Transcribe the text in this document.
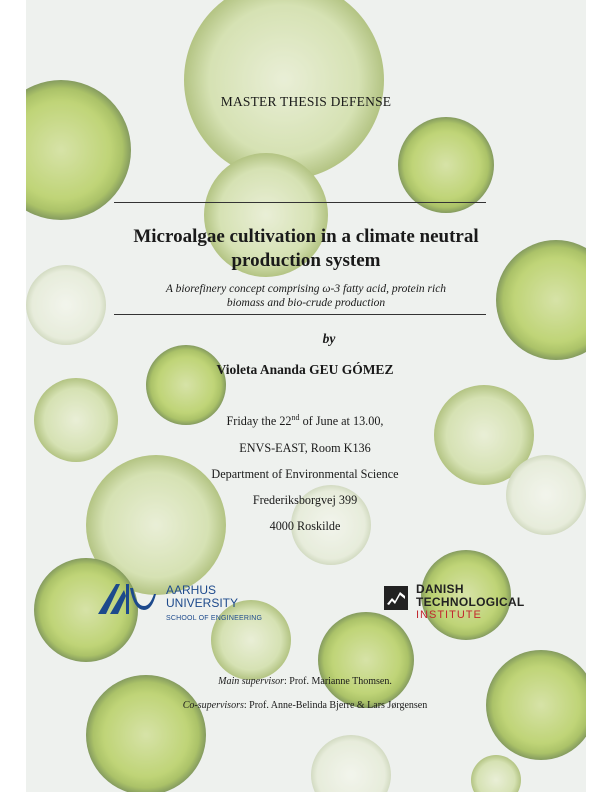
MASTER THESIS DEFENSE
Microalgae cultivation in a climate neutral
production system
A biorefinery concept comprising ω-3 fatty acid, protein rich
biomass and bio-crude production
by
Violeta Ananda GEU GÓMEZ
Friday the 22nd of June at 13.00,
ENVS-EAST, Room K136
Department of Environmental Science
Frederiksborgvej 399
4000 Roskilde
AARHUS
UNIVERSITY
SCHOOL OF ENGINEERING
DANISH
TECHNOLOGICAL
INSTITUTE
Main supervisor: Prof. Marianne Thomsen.
Co-supervisors: Prof. Anne-Belinda Bjerre & Lars Jørgensen
